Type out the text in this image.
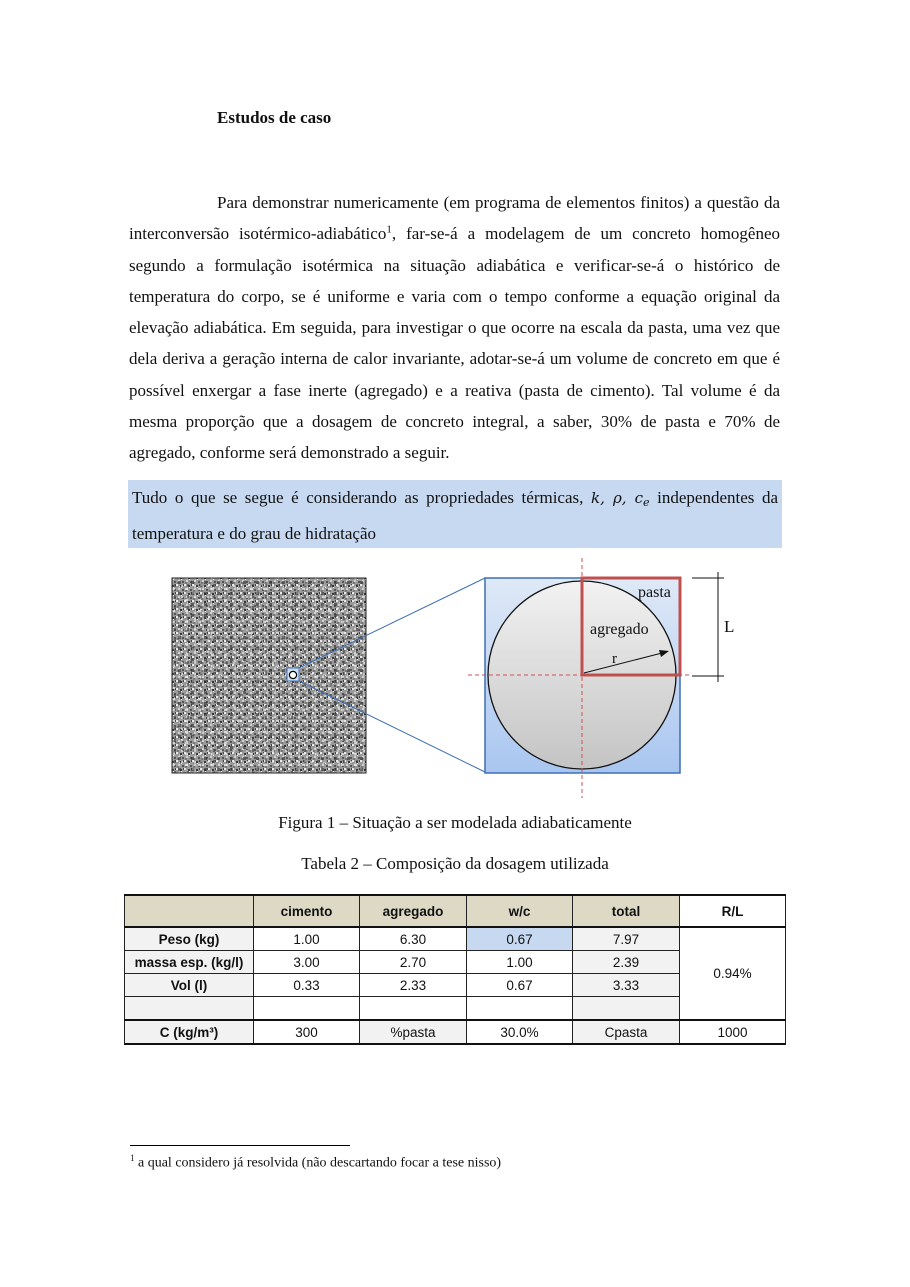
Estudos de caso

Para demonstrar numericamente (em programa de elementos finitos) a questão da interconversão isotérmico-adiabático$^1$, far-se-á a modelagem de um concreto homogêneo segundo a formulação isotérmica na situação adiabática e verificar-se-á o histórico de temperatura do corpo, se é uniforme e varia com o tempo conforme a equação original da elevação adiabática. Em seguida, para investigar o que ocorre na escala da pasta, uma vez que dela deriva a geração interna de calor invariante, adotar-se-á um volume de concreto em que é possível enxergar a fase inerte (agregado) e a reativa (pasta de cimento). Tal volume é da mesma proporção que a dosagem de concreto integral, a saber, 30% de pasta e 70% de agregado, conforme será demonstrado a seguir.

Tudo o que se segue é considerando as propriedades térmicas, k, ρ, ce independentes da temperatura e do grau de hidratação
pasta
agregado
r
L
Figura 1 – Situação a ser modelada adiabaticamente
Tabela 2 – Composição da dosagem utilizada
	cimento	agregado	w/c	total	R/L
Peso (kg)	1.00	6.30	0.67	7.97	0.94%
massa esp. (kg/l)	3.00	2.70	1.00	2.39	
Vol (l)	0.33	2.33	0.67	3.33	

C (kg/m³)	300	%pasta	30.0%	Cpasta	1000
$^1$ a qual considero já resolvida (não descartando focar a tese nisso)
